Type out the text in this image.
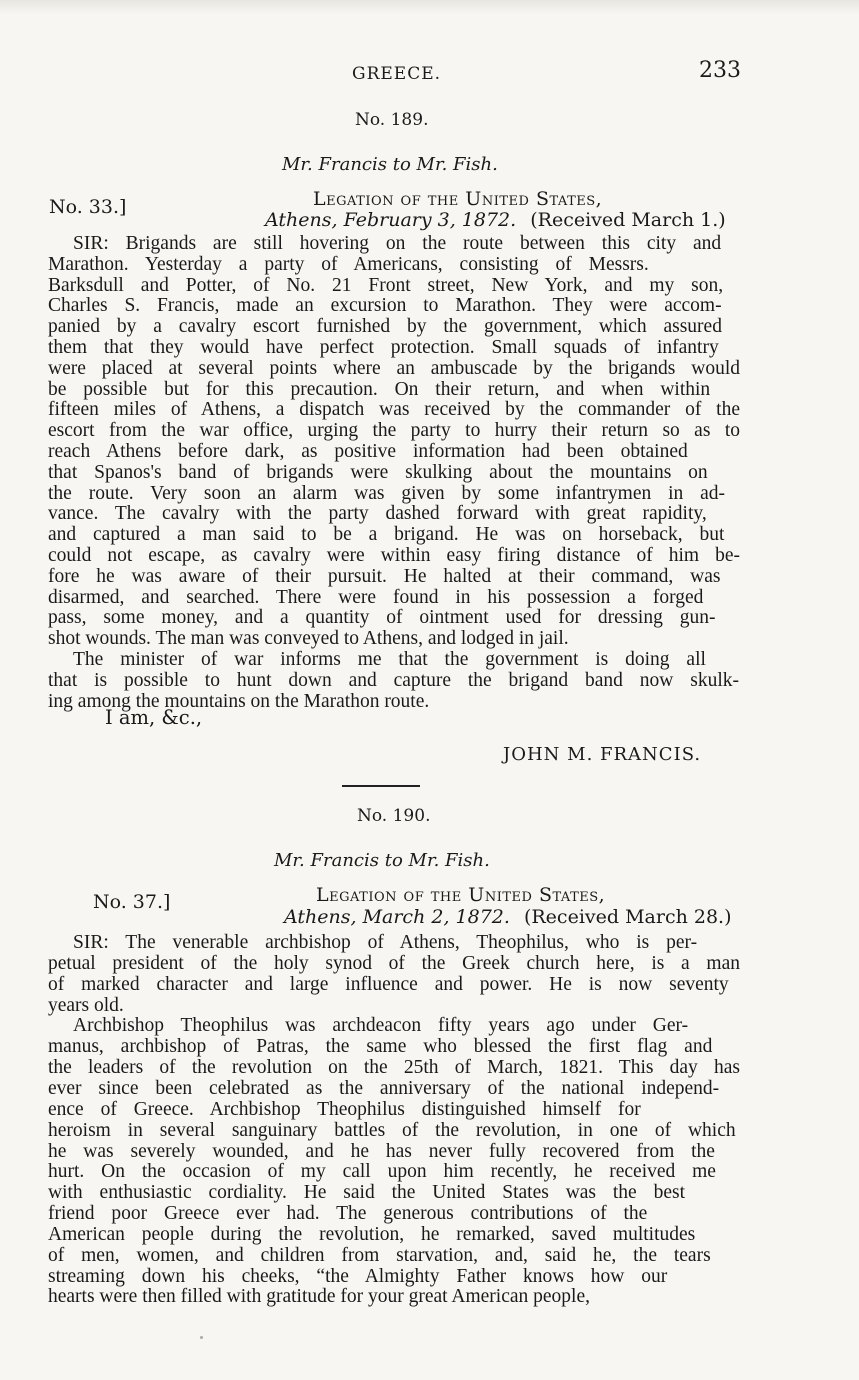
GREECE.	233
No. 189.
Mr. Francis to Mr. Fish.
No. 33.]	Legation of the United States,
Athens, February 3, 1872. (Received March 1.)
SIR: Brigands are still hovering on the route between this city and
Marathon. Yesterday a party of Americans, consisting of Messrs.
Barksdull and Potter, of No. 21 Front street, New York, and my son,
Charles S. Francis, made an excursion to Marathon. They were accom-
panied by a cavalry escort furnished by the government, which assured
them that they would have perfect protection. Small squads of infantry
were placed at several points where an ambuscade by the brigands would
be possible but for this precaution. On their return, and when within
fifteen miles of Athens, a dispatch was received by the commander of the
escort from the war office, urging the party to hurry their return so as to
reach Athens before dark, as positive information had been obtained
that Spanos's band of brigands were skulking about the mountains on
the route. Very soon an alarm was given by some infantrymen in ad-
vance. The cavalry with the party dashed forward with great rapidity,
and captured a man said to be a brigand. He was on horseback, but
could not escape, as cavalry were within easy firing distance of him be-
fore he was aware of their pursuit. He halted at their command, was
disarmed, and searched. There were found in his possession a forged
pass, some money, and a quantity of ointment used for dressing gun-
shot wounds. The man was conveyed to Athens, and lodged in jail.
The minister of war informs me that the government is doing all
that is possible to hunt down and capture the brigand band now skulk-
ing among the mountains on the Marathon route.
I am, &c.,
JOHN M. FRANCIS.
No. 190.
Mr. Francis to Mr. Fish.
No. 37.]	Legation of the United States,
Athens, March 2, 1872. (Received March 28.)
SIR: The venerable archbishop of Athens, Theophilus, who is per-
petual president of the holy synod of the Greek church here, is a man
of marked character and large influence and power. He is now seventy
years old.
Archbishop Theophilus was archdeacon fifty years ago under Ger-
manus, archbishop of Patras, the same who blessed the first flag and
the leaders of the revolution on the 25th of March, 1821. This day has
ever since been celebrated as the anniversary of the national independ-
ence of Greece. Archbishop Theophilus distinguished himself for
heroism in several sanguinary battles of the revolution, in one of which
he was severely wounded, and he has never fully recovered from the
hurt. On the occasion of my call upon him recently, he received me
with enthusiastic cordiality. He said the United States was the best
friend poor Greece ever had. The generous contributions of the
American people during the revolution, he remarked, saved multitudes
of men, women, and children from starvation, and, said he, the tears
streaming down his cheeks, “the Almighty Father knows how our
hearts were then filled with gratitude for your great American people,
